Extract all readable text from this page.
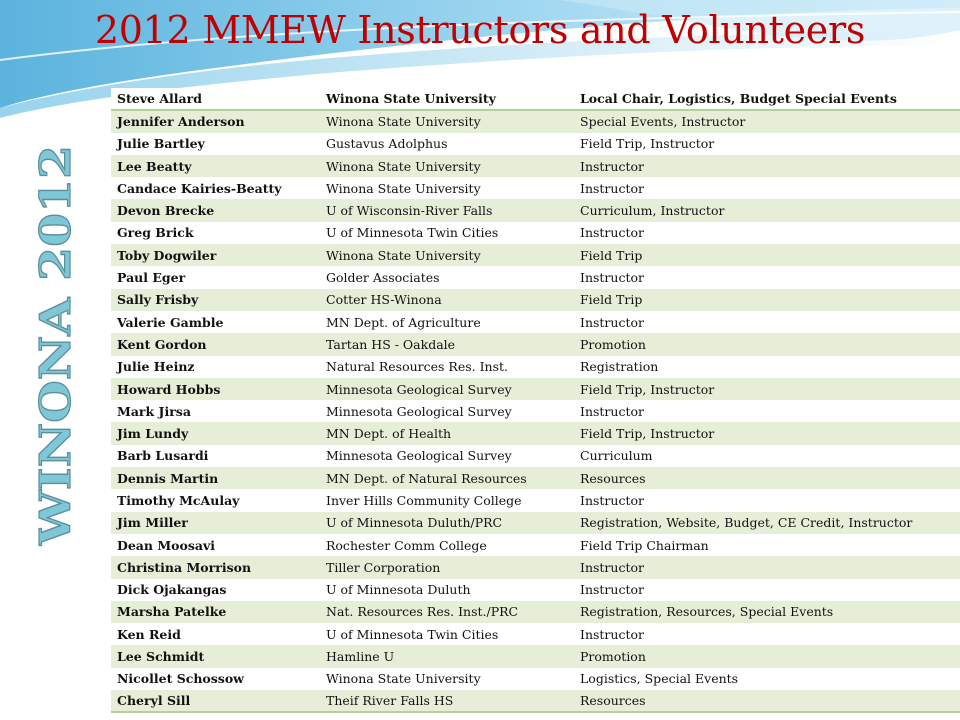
2012 MMEW Instructors and Volunteers
WINONA 2012
Steve Allard	Winona State University	Local Chair, Logistics, Budget Special Events
Jennifer Anderson	Winona State University	Special Events, Instructor
Julie Bartley	Gustavus Adolphus	Field Trip, Instructor
Lee Beatty	Winona State University	Instructor
Candace Kairies-Beatty	Winona State University	Instructor
Devon Brecke	U of Wisconsin-River Falls	Curriculum, Instructor
Greg Brick	U of Minnesota Twin Cities	Instructor
Toby Dogwiler	Winona State University	Field Trip
Paul Eger	Golder Associates	Instructor
Sally Frisby	Cotter HS-Winona	Field Trip
Valerie Gamble	MN Dept. of Agriculture	Instructor
Kent Gordon	Tartan HS - Oakdale	Promotion
Julie Heinz	Natural Resources Res. Inst.	Registration
Howard Hobbs	Minnesota Geological Survey	Field Trip, Instructor
Mark Jirsa	Minnesota Geological Survey	Instructor
Jim Lundy	MN Dept. of Health	Field Trip, Instructor
Barb Lusardi	Minnesota Geological Survey	Curriculum
Dennis Martin	MN Dept. of Natural Resources	Resources
Timothy McAulay	Inver Hills Community College	Instructor
Jim Miller	U of Minnesota Duluth/PRC	Registration, Website, Budget, CE Credit, Instructor
Dean Moosavi	Rochester Comm College	Field Trip Chairman
Christina Morrison	Tiller Corporation	Instructor
Dick Ojakangas	U of Minnesota Duluth	Instructor
Marsha Patelke	Nat. Resources Res. Inst./PRC	Registration, Resources, Special Events
Ken Reid	U of Minnesota Twin Cities	Instructor
Lee Schmidt	Hamline U	Promotion
Nicollet Schossow	Winona State University	Logistics, Special Events
Cheryl Sill	Theif River Falls HS	Resources
